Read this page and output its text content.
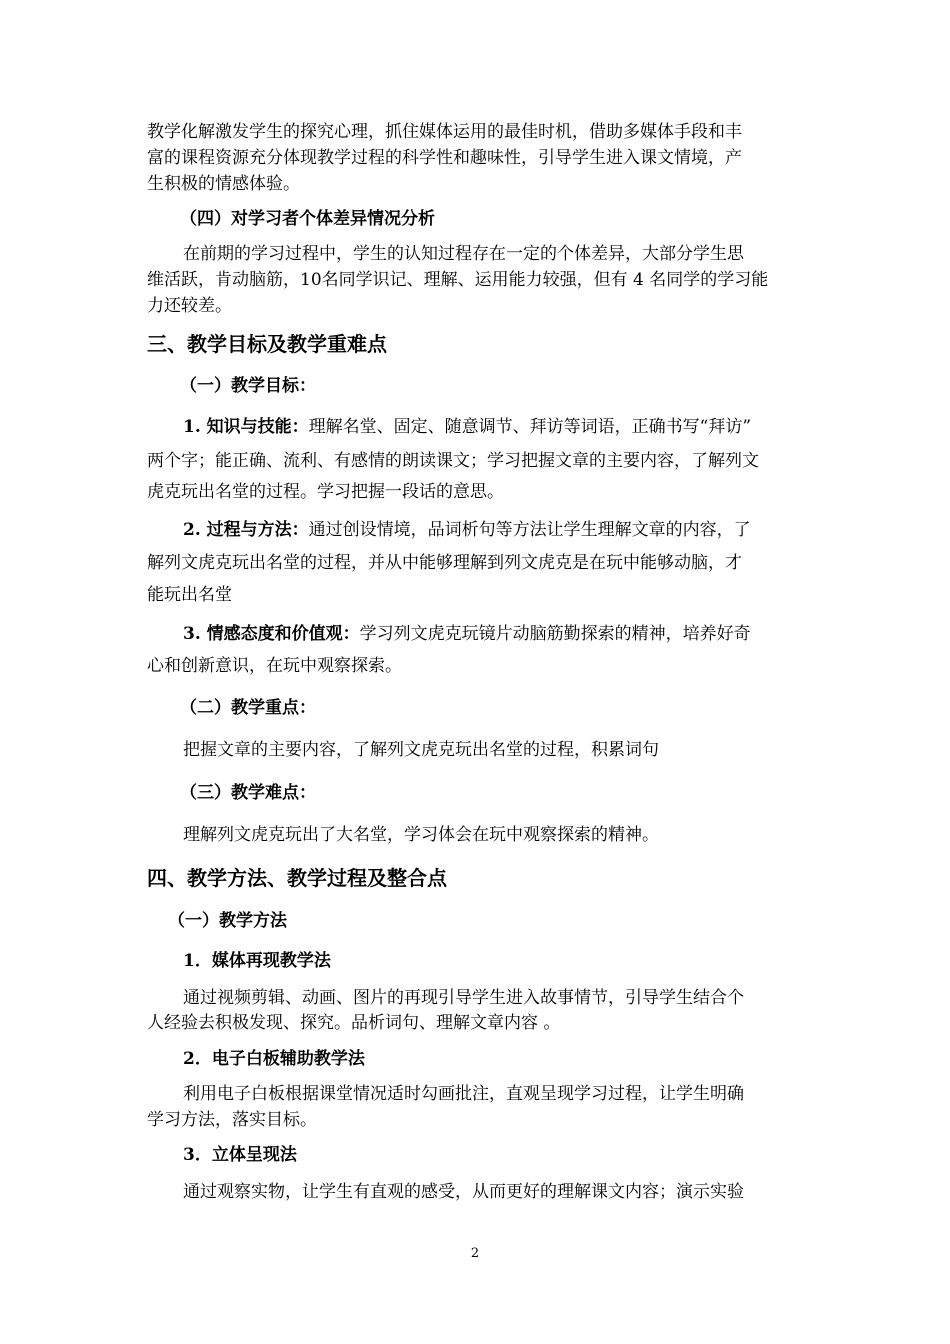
教学化解激发学生的探究心理，抓住媒体运用的最佳时机，借助多媒体手段和丰
富的课程资源充分体现教学过程的科学性和趣味性，引导学生进入课文情境，产
生积极的情感体验。
（四）对学习者个体差异情况分析
在前期的学习过程中，学生的认知过程存在一定的个体差异，大部分学生思
维活跃，肯动脑筋，10名同学识记、理解、运用能力较强，但有 4 名同学的学习能
力还较差。
三、教学目标及教学重难点
（一）教学目标：
1. 知识与技能：理解名堂、固定、随意调节、拜访等词语，正确书写“拜访”
两个字；能正确、流利、有感情的朗读课文；学习把握文章的主要内容，了解列文
虎克玩出名堂的过程。学习把握一段话的意思。
2. 过程与方法：通过创设情境，品词析句等方法让学生理解文章的内容，了
解列文虎克玩出名堂的过程，并从中能够理解到列文虎克是在玩中能够动脑，才
能玩出名堂
3. 情感态度和价值观：学习列文虎克玩镜片动脑筋勤探索的精神，培养好奇
心和创新意识，在玩中观察探索。
（二）教学重点：
把握文章的主要内容，了解列文虎克玩出名堂的过程，积累词句
（三）教学难点：
理解列文虎克玩出了大名堂，学习体会在玩中观察探索的精神。
四、教学方法、教学过程及整合点
（一）教学方法
1．媒体再现教学法
通过视频剪辑、动画、图片的再现引导学生进入故事情节，引导学生结合个
人经验去积极发现、探究。品析词句、理解文章内容 。
2．电子白板辅助教学法
利用电子白板根据课堂情况适时勾画批注，直观呈现学习过程，让学生明确
学习方法，落实目标。
3．立体呈现法
通过观察实物，让学生有直观的感受，从而更好的理解课文内容；演示实验
2
